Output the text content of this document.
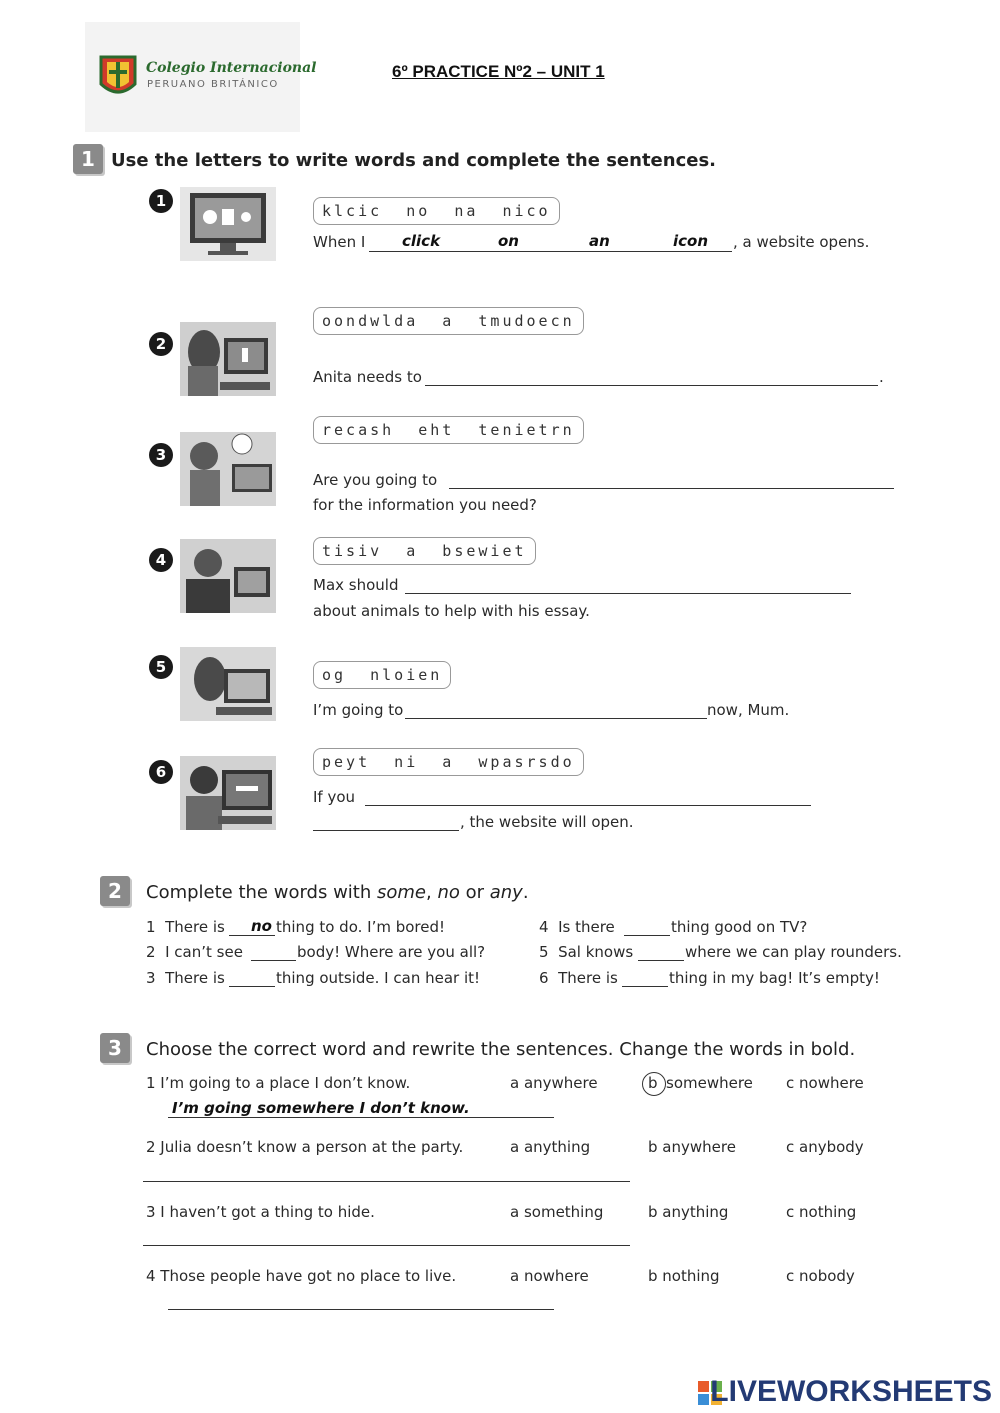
Colegio Internacional
PERUANO BRITÁNICO
6º PRACTICE Nº2 – UNIT 1
1 Use the letters to write words and complete the sentences.
1
klcic  no  na  nico
When I click	on	an	icon , a website opens.
2
oondwlda  a  tmudoecn
Anita needs to	.
3
recash  eht  tenietrn
Are you going to
for the information you need?
4	tisiv  a  bsewiet
Max should
about animals to help with his essay.
5	og  nloien
I’m going to	now, Mum.
6
peyt  ni  a  wpasrsdo
If you
, the website will open.
2	Complete the words with some, no or any.
1 There is no thing to do. I’m bored!
2 I can’t see	body! Where are you all?
3 There is	thing outside. I can hear it!
4 Is there	thing good on TV?
5 Sal knows	where we can play rounders.
6 There is	thing in my bag! It’s empty!
3	Choose the correct word and rewrite the sentences. Change the words in bold.
1 I’m going to a place I don’t know.	a anywhere	b somewhere c nowhere
I’m going somewhere I don’t know.
2 Julia doesn’t know a person at the party.	a anything	b anywhere	c anybody
3 I haven’t got a thing to hide.	a something	b anything	c nothing
4 Those people have got no place to live.	a nowhere	b nothing	c nobody
LIVEWORKSHEETS
